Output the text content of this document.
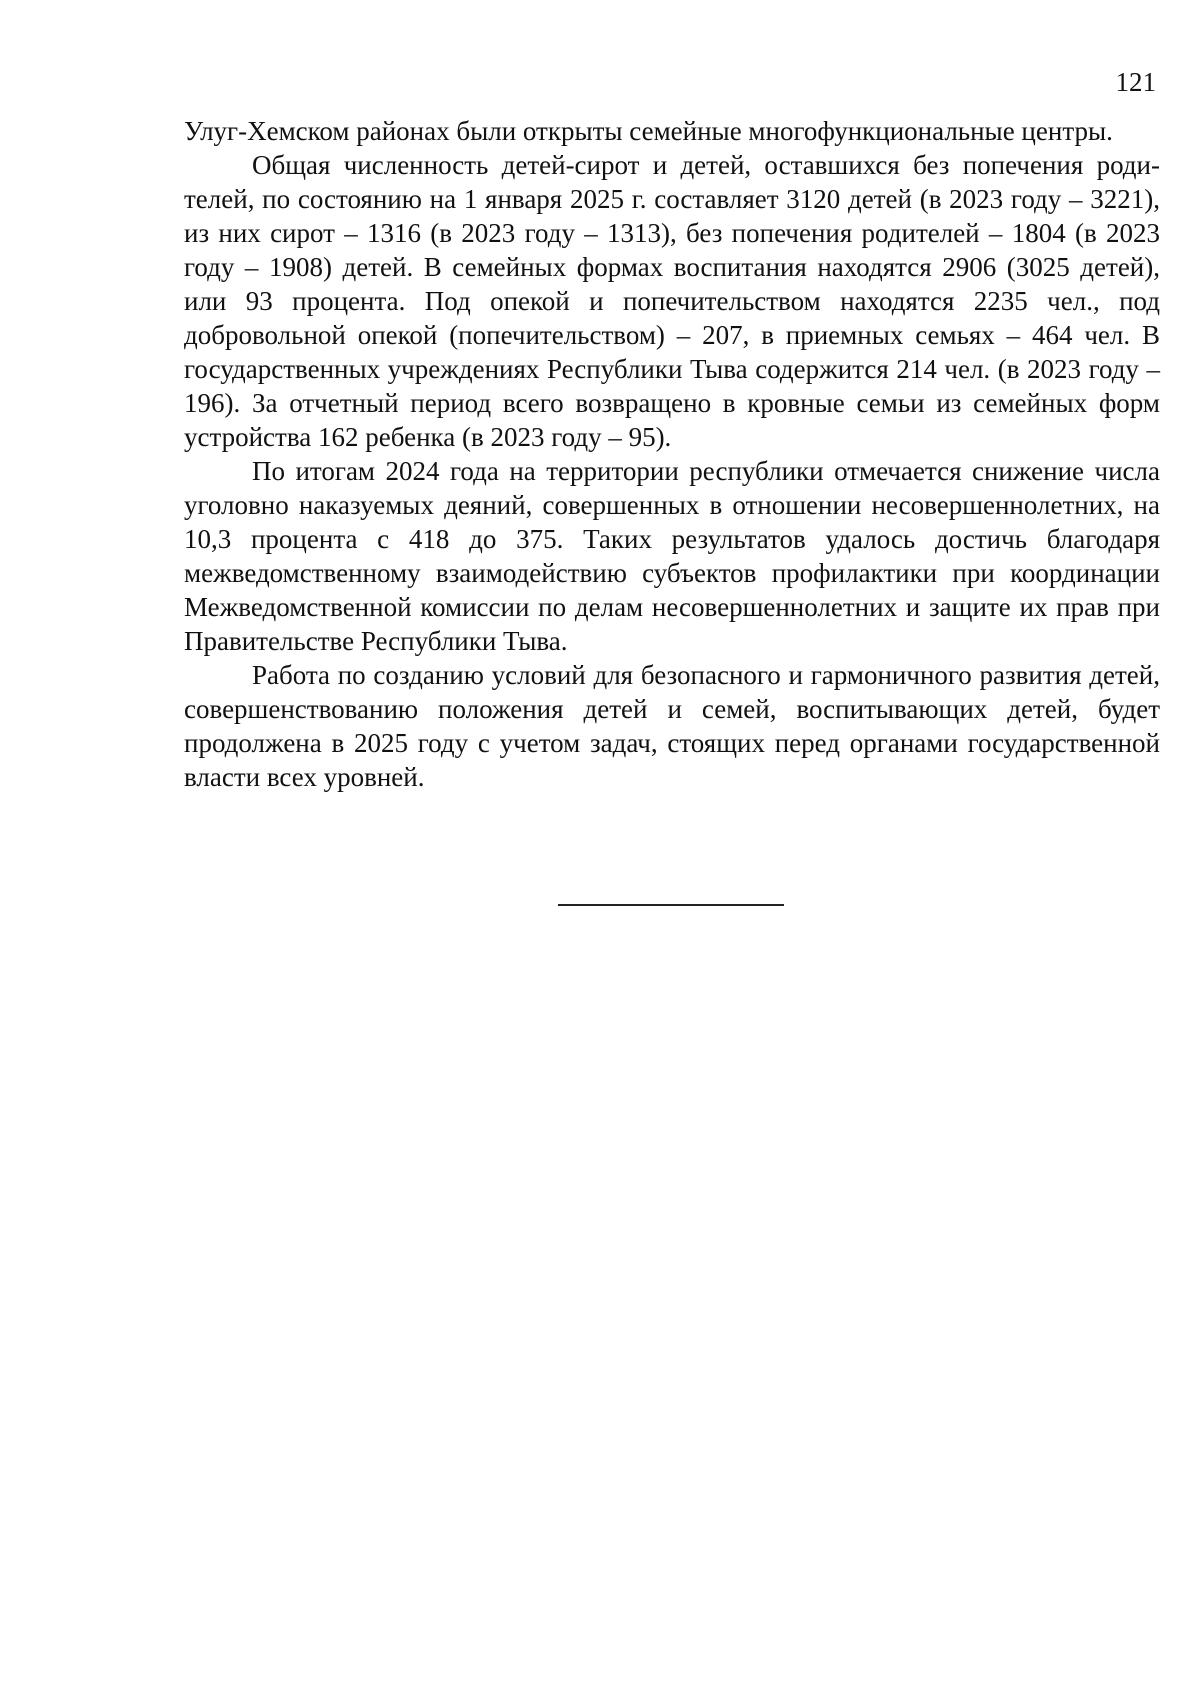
121

Улуг-Хемском районах были открыты семейные многофункциональные центры.

Общая численность детей-сирот и детей, оставшихся без попечения родителей, по состоянию на 1 января 2025 г. составляет 3120 детей (в 2023 году – 3221), из них сирот – 1316 (в 2023 году – 1313), без попечения родителей – 1804 (в 2023 году – 1908) детей. В семейных формах воспитания находятся 2906 (3025 детей), или 93 процента. Под опекой и попечительством находятся 2235 чел., под добровольной опекой (попечительством) – 207, в приемных семьях – 464 чел. В государственных учреждениях Республики Тыва содержится 214 чел. (в 2023 году – 196). За отчетный период всего возвращено в кровные семьи из семейных форм устройства 162 ребенка (в 2023 году – 95).

По итогам 2024 года на территории республики отмечается снижение числа уголовно наказуемых деяний, совершенных в отношении несовершеннолетних, на 10,3 процента с 418 до 375. Таких результатов удалось достичь благодаря межведомственному взаимодействию субъектов профилактики при координации Межведомственной комиссии по делам несовершеннолетних и защите их прав при Правительстве Республики Тыва.

Работа по созданию условий для безопасного и гармоничного развития детей, совершенствованию положения детей и семей, воспитывающих детей, будет продолжена в 2025 году с учетом задач, стоящих перед органами государственной власти всех уровней.
